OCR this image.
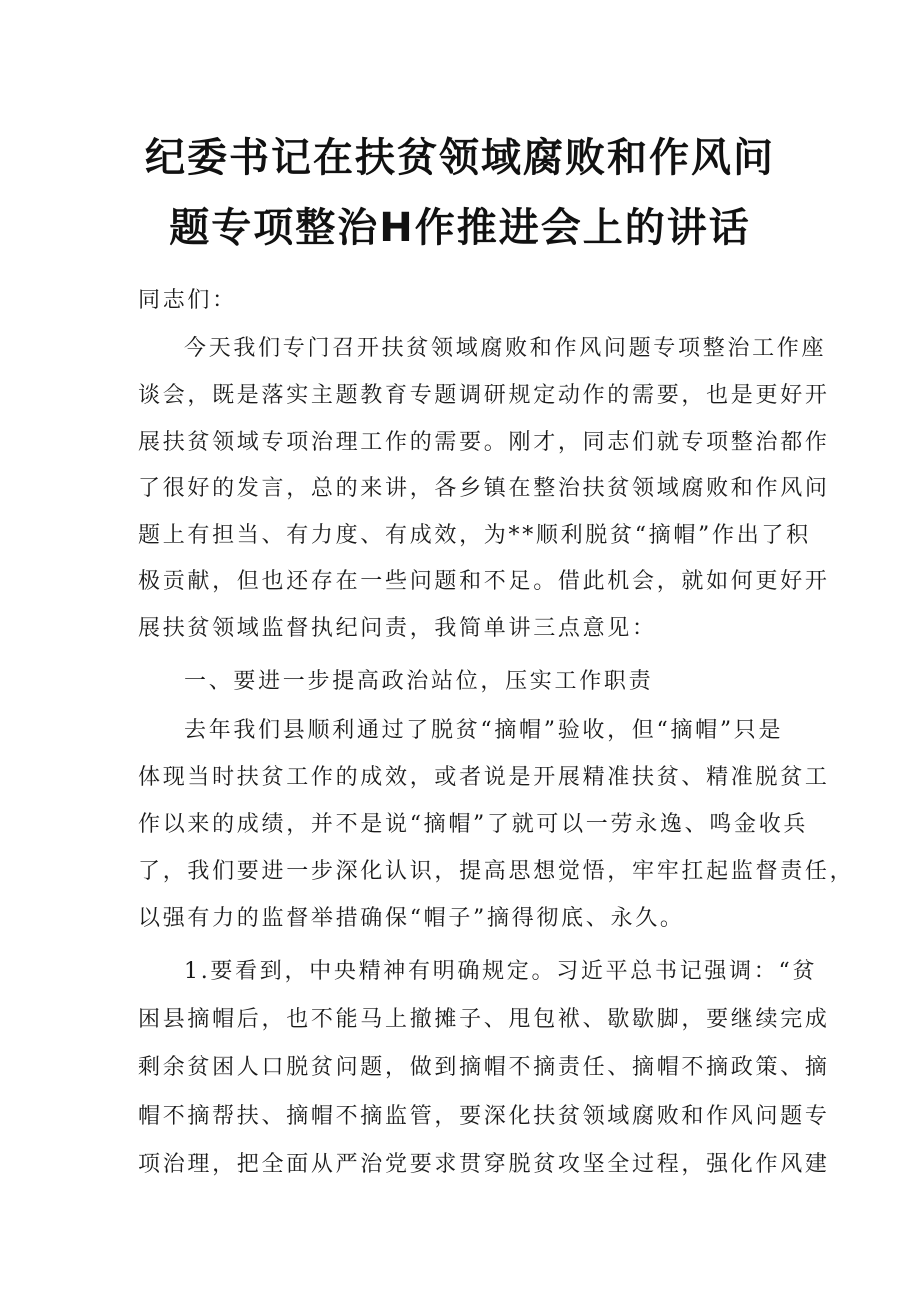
纪委书记在扶贫领域腐败和作风问
题专项整治H作推进会上的讲话
同志们：
今天我们专门召开扶贫领域腐败和作风问题专项整治工作座
谈会，既是落实主题教育专题调研规定动作的需要，也是更好开
展扶贫领域专项治理工作的需要。刚才，同志们就专项整治都作
了很好的发言，总的来讲，各乡镇在整治扶贫领域腐败和作风问
题上有担当、有力度、有成效，为**顺利脱贫“摘帽”作出了积
极贡献，但也还存在一些问题和不足。借此机会，就如何更好开
展扶贫领域监督执纪问责，我简单讲三点意见：
一、要进一步提高政治站位，压实工作职责
去年我们县顺利通过了脱贫“摘帽”验收，但“摘帽”只是
体现当时扶贫工作的成效，或者说是开展精准扶贫、精准脱贫工
作以来的成绩，并不是说“摘帽”了就可以一劳永逸、鸣金收兵
了，我们要进一步深化认识，提高思想觉悟，牢牢扛起监督责任，
以强有力的监督举措确保“帽子”摘得彻底、永久。
1.要看到，中央精神有明确规定。习近平总书记强调：“贫
困县摘帽后，也不能马上撤摊子、甩包袱、歇歇脚，要继续完成
剩余贫困人口脱贫问题，做到摘帽不摘责任、摘帽不摘政策、摘
帽不摘帮扶、摘帽不摘监管，要深化扶贫领域腐败和作风问题专
项治理，把全面从严治党要求贯穿脱贫攻坚全过程，强化作风建
